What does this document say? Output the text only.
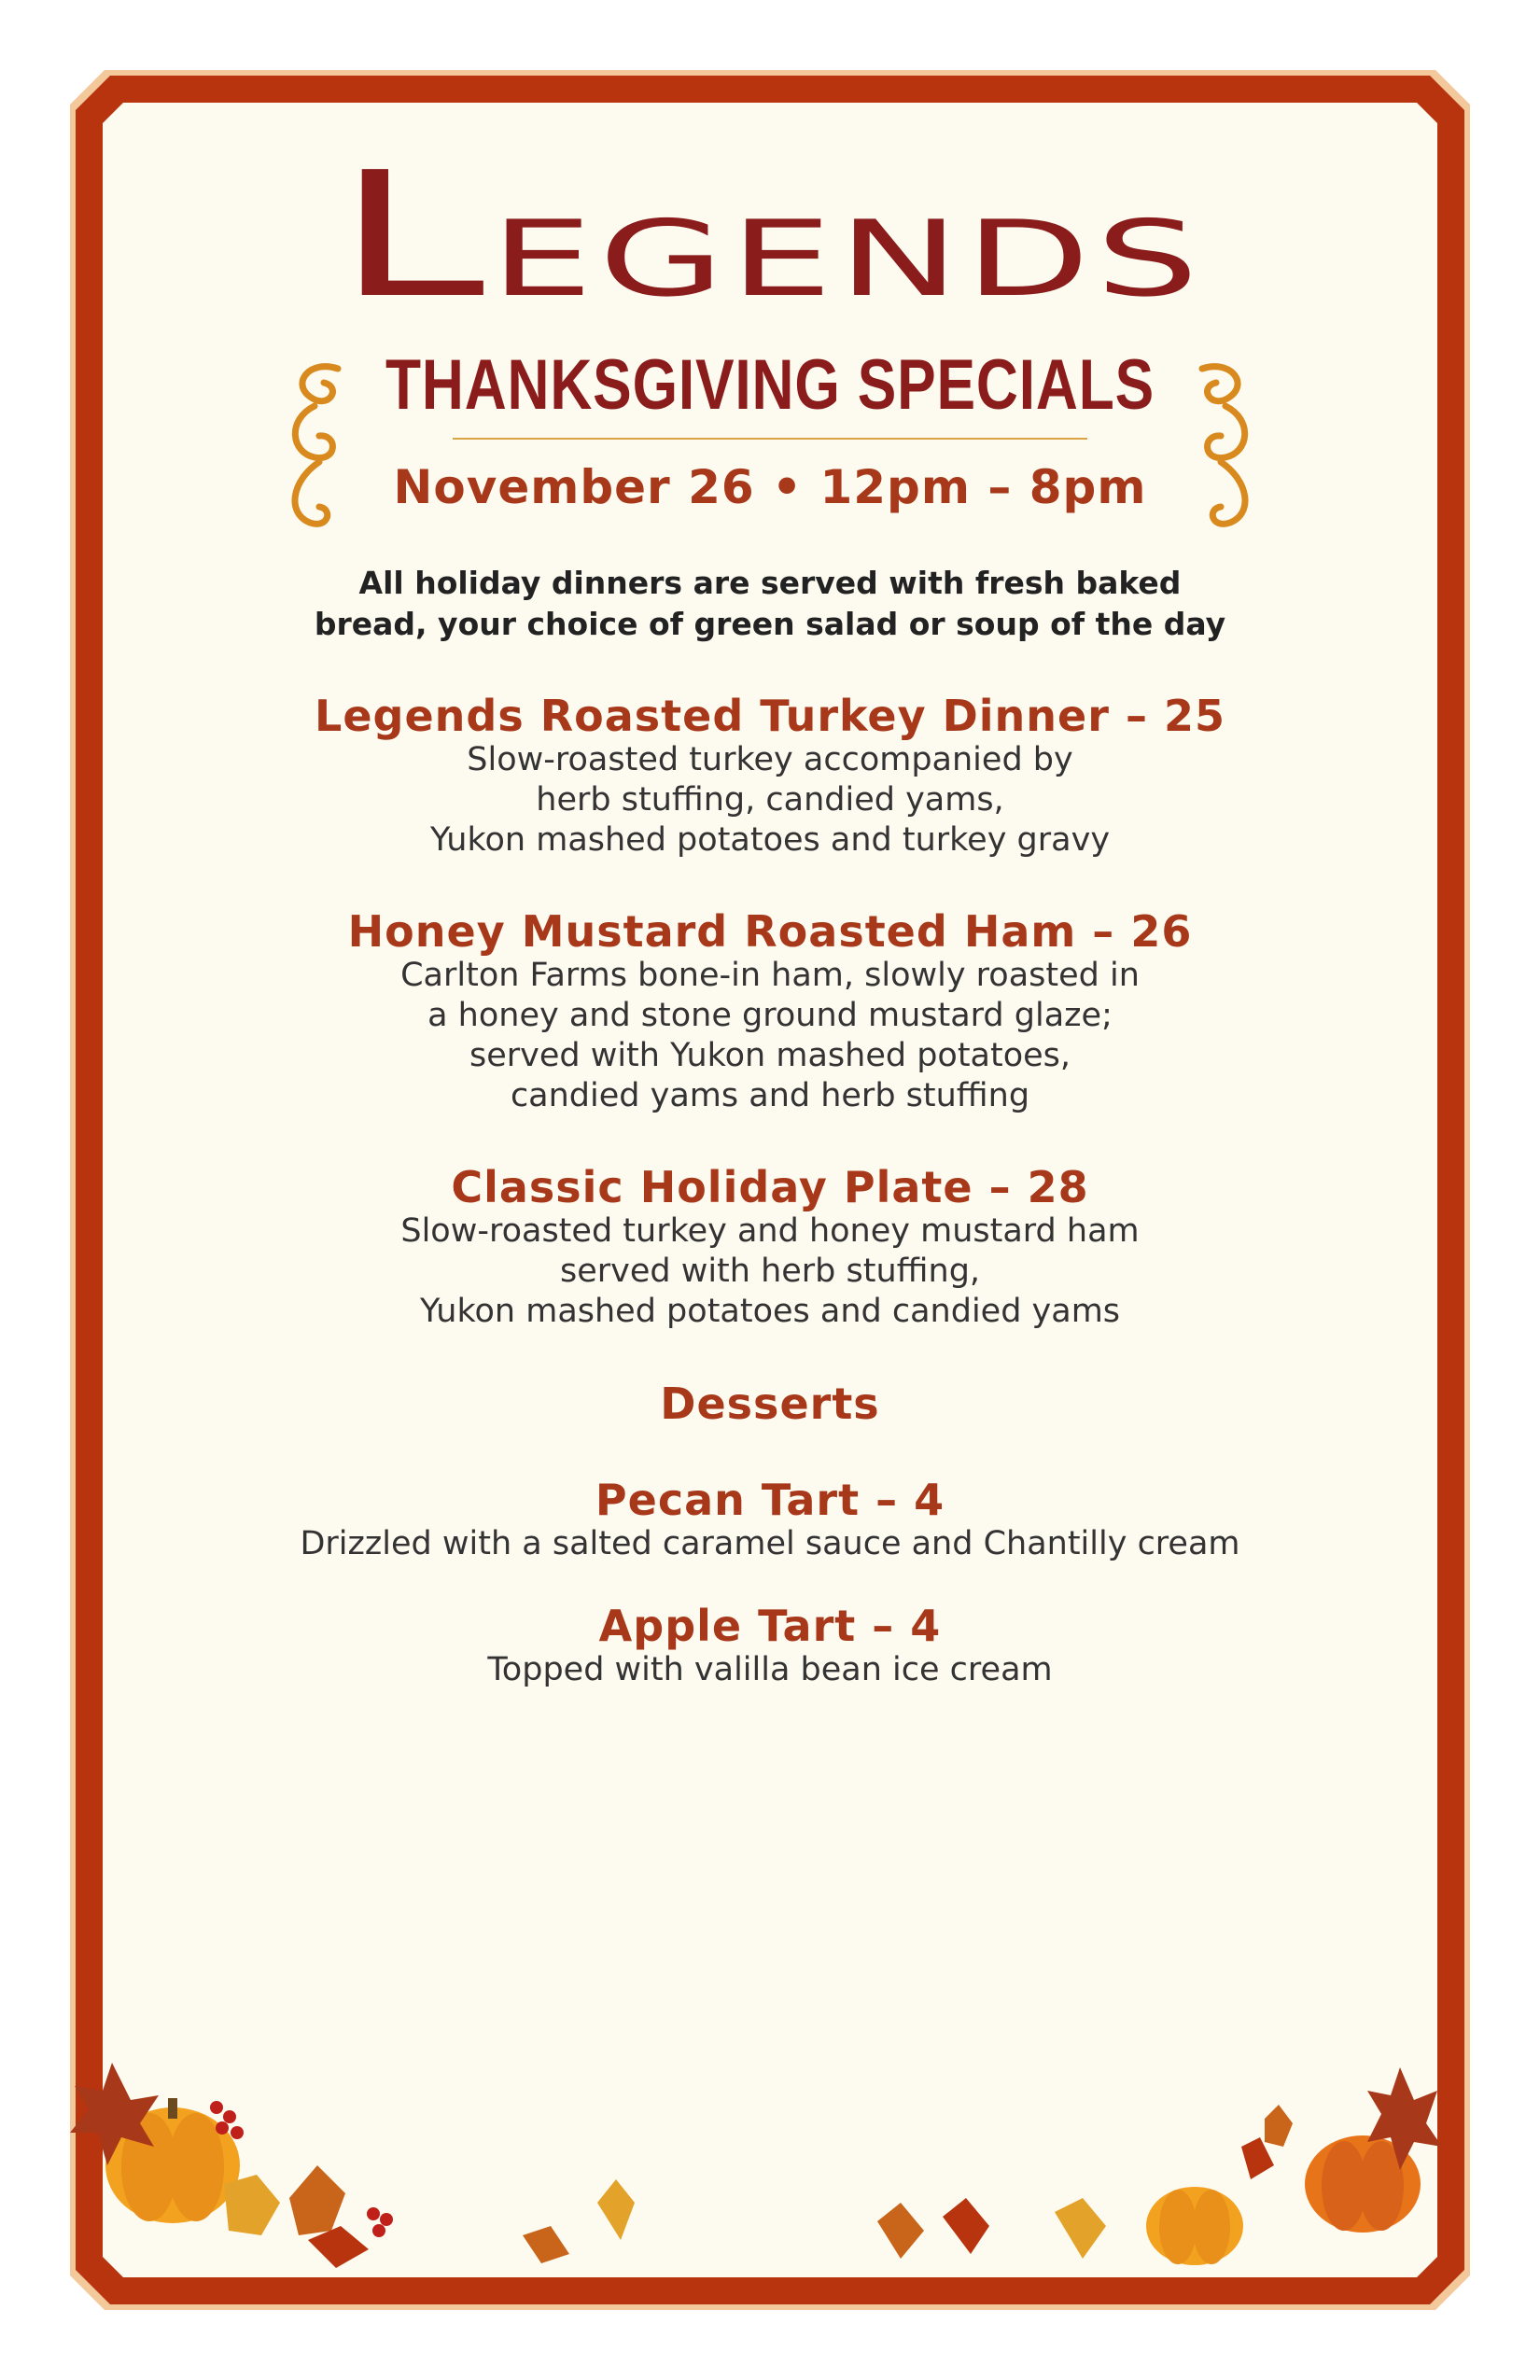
LEGENDS
THANKSGIVING SPECIALS
November 26 • 12pm – 8pm
All holiday dinners are served with fresh baked bread, your choice of green salad or soup of the day
Legends Roasted Turkey Dinner – 25
Slow-roasted turkey accompanied by
herb stuffing, candied yams,
Yukon mashed potatoes and turkey gravy
Honey Mustard Roasted Ham – 26
Carlton Farms bone-in ham, slowly roasted in
a honey and stone ground mustard glaze;
served with Yukon mashed potatoes,
candied yams and herb stuffing
Classic Holiday Plate – 28
Slow-roasted turkey and honey mustard ham
served with herb stuffing,
Yukon mashed potatoes and candied yams
Desserts
Pecan Tart – 4
Drizzled with a salted caramel sauce and Chantilly cream
Apple Tart – 4
Topped with valilla bean ice cream
